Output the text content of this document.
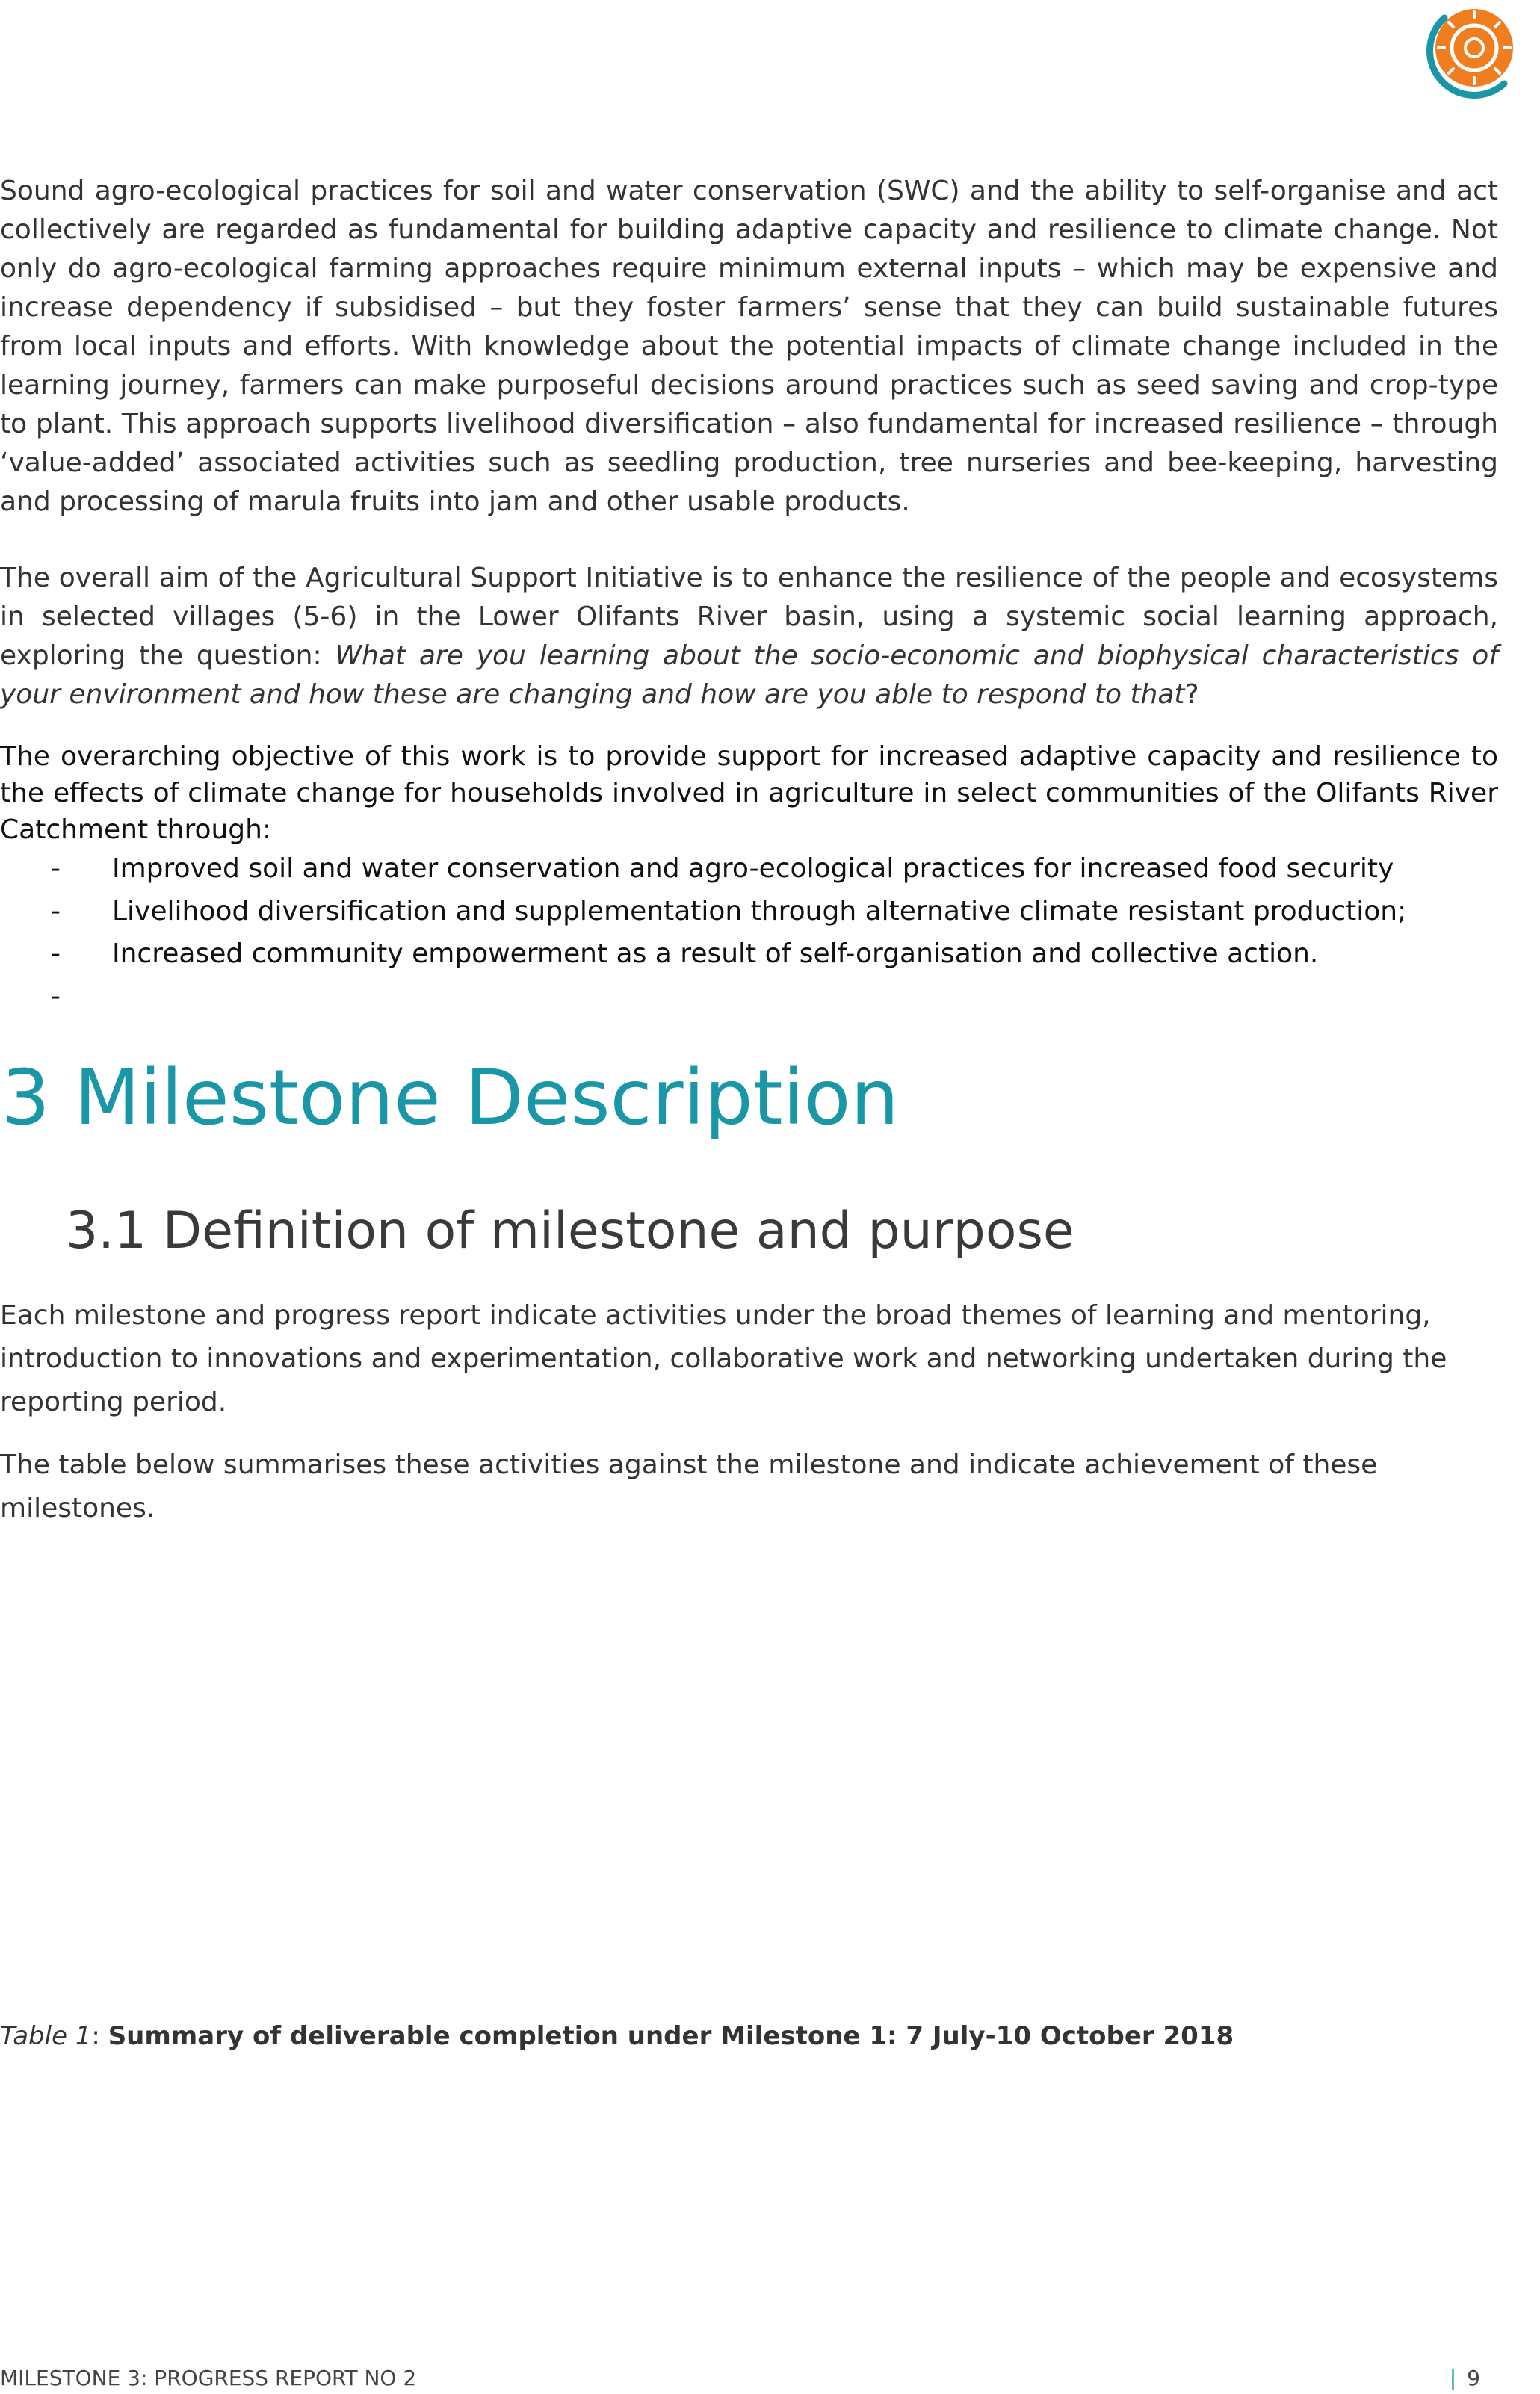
Sound agro-ecological practices for soil and water conservation (SWC) and the ability to self-organise and act collectively are regarded as fundamental for building adaptive capacity and resilience to climate change. Not only do agro-ecological farming approaches require minimum external inputs – which may be expensive and increase dependency if subsidised – but they foster farmers’ sense that they can build sustainable futures from local inputs and efforts. With knowledge about the potential impacts of climate change included in the learning journey, farmers can make purposeful decisions around practices such as seed saving and crop-type to plant. This approach supports livelihood diversification – also fundamental for increased resilience – through ‘value-added’ associated activities such as seedling production, tree nurseries and bee-keeping, harvesting and processing of marula fruits into jam and other usable products.

The overall aim of the Agricultural Support Initiative is to enhance the resilience of the people and ecosystems in selected villages (5-6) in the Lower Olifants River basin, using a systemic social learning approach, exploring the question: What are you learning about the socio-economic and biophysical characteristics of your environment and how these are changing and how are you able to respond to that?

The overarching objective of this work is to provide support for increased adaptive capacity and resilience to the effects of climate change for households involved in agriculture in select communities of the Olifants River Catchment through:

- Improved soil and water conservation and agro-ecological practices for increased food security
- Livelihood diversification and supplementation through alternative climate resistant production;
- Increased community empowerment as a result of self-organisation and collective action.
-
3 Milestone Description
3.1 Definition of milestone and purpose

Each milestone and progress report indicate activities under the broad themes of learning and mentoring, introduction to innovations and experimentation, collaborative work and networking undertaken during the reporting period.

The table below summarises these activities against the milestone and indicate achievement of these milestones.

Table 1: Summary of deliverable completion under Milestone 1: 7 July-10 October 2018

MILESTONE 3: PROGRESS REPORT NO 2	| 9
